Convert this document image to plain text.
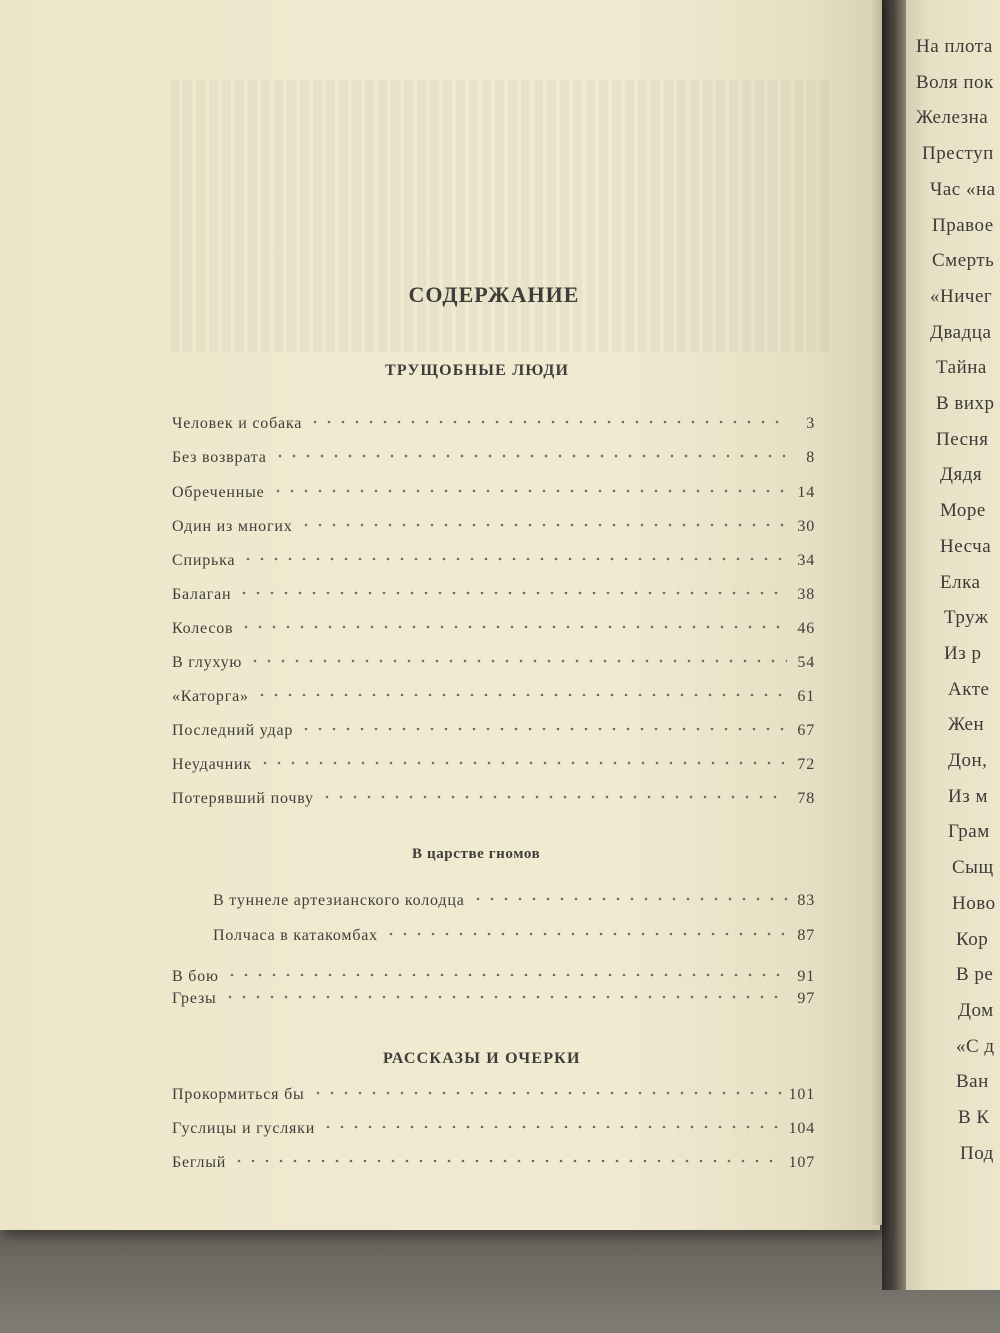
На плота
Воля пок
Железна
Преступ
Час «на
Правое
Смерть
«Ничег
Двадца
Тайна
В вихр
Песня
Дядя
Море
Несча
Елка
Труж
Из р
Акте
Жен
Дон,
Из м
Грам
Сыщ
Ново
Кор
В ре
Дом
«С д
Ван
В К
Под
СОДЕРЖАНИЕ
ТРУЩОБНЫЕ ЛЮДИ
В царстве гномов
РАССКАЗЫ И ОЧЕРКИ
Человек и собака	3
Без возврата	8
Обреченные	14
Один из многих	30
Спирька	34
Балаган	38
Колесов	46
В глухую	54
«Каторга»	61
Последний удар	67
Неудачник	72
Потерявший почву	78
В туннеле артезианского колодца	83
Полчаса в катакомбах	87
В бою	91
Грезы	97
Прокормиться бы	101
Гуслицы и гусляки	104
Беглый	107
